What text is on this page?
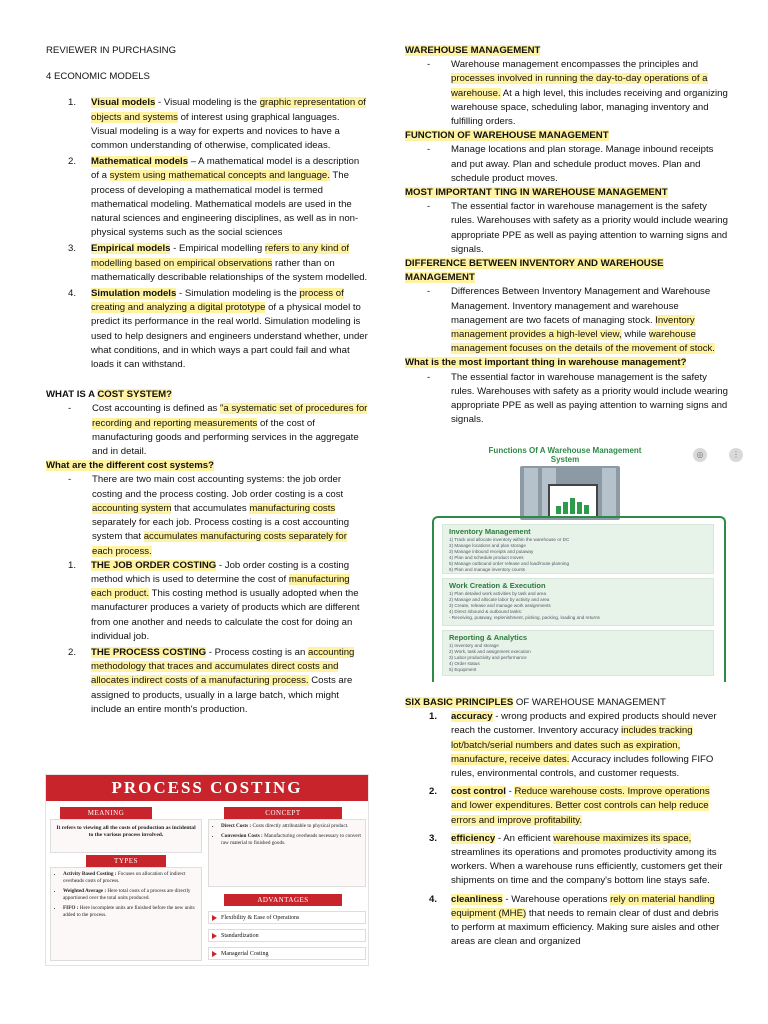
REVIEWER IN PURCHASING

4 ECONOMIC MODELS

1. Visual models - Visual modeling is the graphic representation of objects and systems of interest using graphical languages. Visual modeling is a way for experts and novices to have a common understanding of otherwise, complicated ideas.
2. Mathematical models – A mathematical model is a description of a system using mathematical concepts and language. The process of developing a mathematical model is termed mathematical modeling. Mathematical models are used in the natural sciences and engineering disciplines, as well as in non-physical systems such as the social sciences
3. Empirical models - Empirical modelling refers to any kind of modelling based on empirical observations rather than on mathematically describable relationships of the system modelled.
4. Simulation models - Simulation modeling is the process of creating and analyzing a digital prototype of a physical model to predict its performance in the real world. Simulation modeling is used to help designers and engineers understand whether, under what conditions, and in which ways a part could fail and what loads it can withstand.

WHAT IS A COST SYSTEM?

- Cost accounting is defined as "a systematic set of procedures for recording and reporting measurements of the cost of manufacturing goods and performing services in the aggregate and in detail.

What are the different cost systems?

- There are two main cost accounting systems: the job order costing and the process costing. Job order costing is a cost accounting system that accumulates manufacturing costs separately for each job. Process costing is a cost accounting system that accumulates manufacturing costs separately for each process.
1. THE JOB ORDER COSTING - Job order costing is a costing method which is used to determine the cost of manufacturing each product. This costing method is usually adopted when the manufacturer produces a variety of products which are different from one another and needs to calculate the cost for doing an individual job.
2. THE PROCESS COSTING - Process costing is an accounting methodology that traces and accumulates direct costs and allocates indirect costs of a manufacturing process. Costs are assigned to products, usually in a large batch, which might include an entire month's production.
PROCESS COSTING
MEANING
It refers to viewing all the costs of production as incidental to the various process involved.
TYPES
• Activity Based Costing : Focuses on allocation of indirect overheads costs of process.
• Weighted Average : Here total costs of a process are directly apportioned over the total units produced.
• FIFO : Here incomplete units are finished before the new units added to the process.
CONCEPT
• Direct Costs : Costs directly attributable to physical product.
• Conversion Costs : Manufacturing overheads necessary to convert raw material to finished goods.
ADVANTAGES
Flexibility & Ease of Operations
Standardization
Managerial Costing

WAREHOUSE MANAGEMENT

- Warehouse management encompasses the principles and processes involved in running the day-to-day operations of a warehouse. At a high level, this includes receiving and organizing warehouse space, scheduling labor, managing inventory and fulfilling orders.

FUNCTION OF WAREHOUSE MANAGEMENT

- Manage locations and plan storage. Manage inbound receipts and put away. Plan and schedule product moves. Plan and schedule product moves.

MOST IMPORTANT TING IN WAREHOUSE MANAGEMENT

- The essential factor in warehouse management is the safety rules. Warehouses with safety as a priority would include wearing appropriate PPE as well as paying attention to warning signs and signals.

DIFFERENCE BETWEEN INVENTORY AND WAREHOUSE MANAGEMENT

- Differences Between Inventory Management and Warehouse Management. Inventory management and warehouse management are two facets of managing stock. Inventory management provides a high-level view, while warehouse management focuses on the details of the movement of stock.

What is the most important thing in warehouse management?

- The essential factor in warehouse management is the safety rules. Warehouses with safety as a priority would include wearing appropriate PPE as well as paying attention to warning signs and signals.
Functions Of A Warehouse Management System
◎	⋮
Inventory Management
1) Track and allocate inventory within the warehouse or DC
2) Manage locations and plan storage
3) Manage inbound receipts and putaway
4) Plan and schedule product moves
5) Manage outbound order release and load/route planning
6) Plan and manage inventory counts
Work Creation & Execution
1) Plan detailed work activities by task and area
2) Manage and allocate labor by activity and area
3) Create, release and manage work assignments
4) Direct inbound & outbound tasks:
- Receiving, putaway, replenishment, picking, packing, loading and returns
Reporting & Analytics
1) Inventory and storage
2) Work, task and assignment execution
3) Labor productivity and performance
4) Order status
5) Equipment

SIX BASIC PRINCIPLES OF WAREHOUSE MANAGEMENT

1. accuracy - wrong products and expired products should never reach the customer. Inventory accuracy includes tracking lot/batch/serial numbers and dates such as expiration, manufacture, receive dates. Accuracy includes following FIFO rules, environmental controls, and customer requests.
2. cost control - Reduce warehouse costs. Improve operations and lower expenditures. Better cost controls can help reduce errors and improve profitability.
3. efficiency - An efficient warehouse maximizes its space, streamlines its operations and promotes productivity among its workers. When a warehouse runs efficiently, customers get their shipments on time and the company's bottom line stays safe.
4. cleanliness - Warehouse operations rely on material handling equipment (MHE) that needs to remain clear of dust and debris to perform at maximum efficiency. Making sure aisles and other areas are clean and organized
